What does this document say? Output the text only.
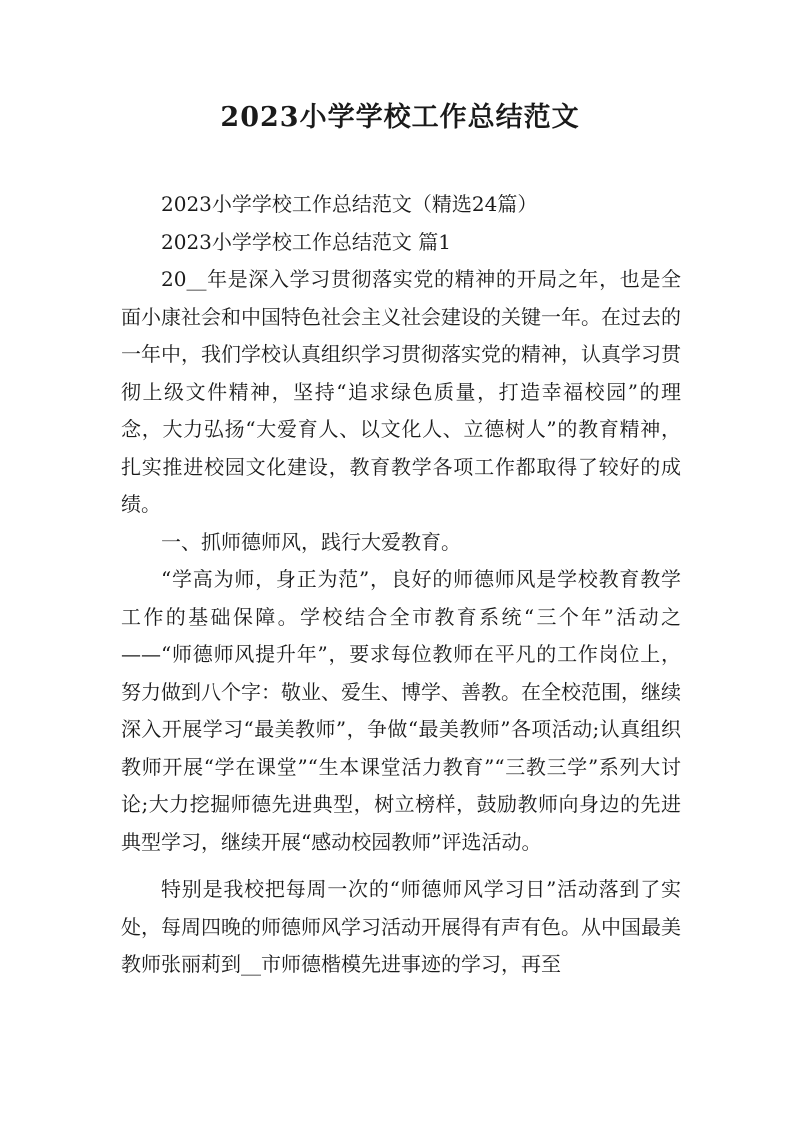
2023小学学校工作总结范文

2023小学学校工作总结范文（精选24篇）

2023小学学校工作总结范文 篇1

20__年是深入学习贯彻落实党的精神的开局之年，也是全面小康社会和中国特色社会主义社会建设的关键一年。在过去的一年中，我们学校认真组织学习贯彻落实党的精神，认真学习贯彻上级文件精神，坚持“追求绿色质量，打造幸福校园”的理念，大力弘扬“大爱育人、以文化人、立德树人”的教育精神，扎实推进校园文化建设，教育教学各项工作都取得了较好的成绩。

一、抓师德师风，践行大爱教育。

“学高为师，身正为范”，良好的师德师风是学校教育教学工作的基础保障。学校结合全市教育系统“三个年”活动之——“师德师风提升年”，要求每位教师在平凡的工作岗位上，努力做到八个字：敬业、爱生、博学、善教。在全校范围，继续深入开展学习“最美教师”，争做“最美教师”各项活动;认真组织教师开展“学在课堂”“生本课堂活力教育”“三教三学”系列大讨论;大力挖掘师德先进典型，树立榜样，鼓励教师向身边的先进典型学习，继续开展“感动校园教师”评选活动。

特别是我校把每周一次的“师德师风学习日”活动落到了实处，每周四晚的师德师风学习活动开展得有声有色。从中国最美教师张丽莉到__市师德楷模先进事迹的学习，再至
